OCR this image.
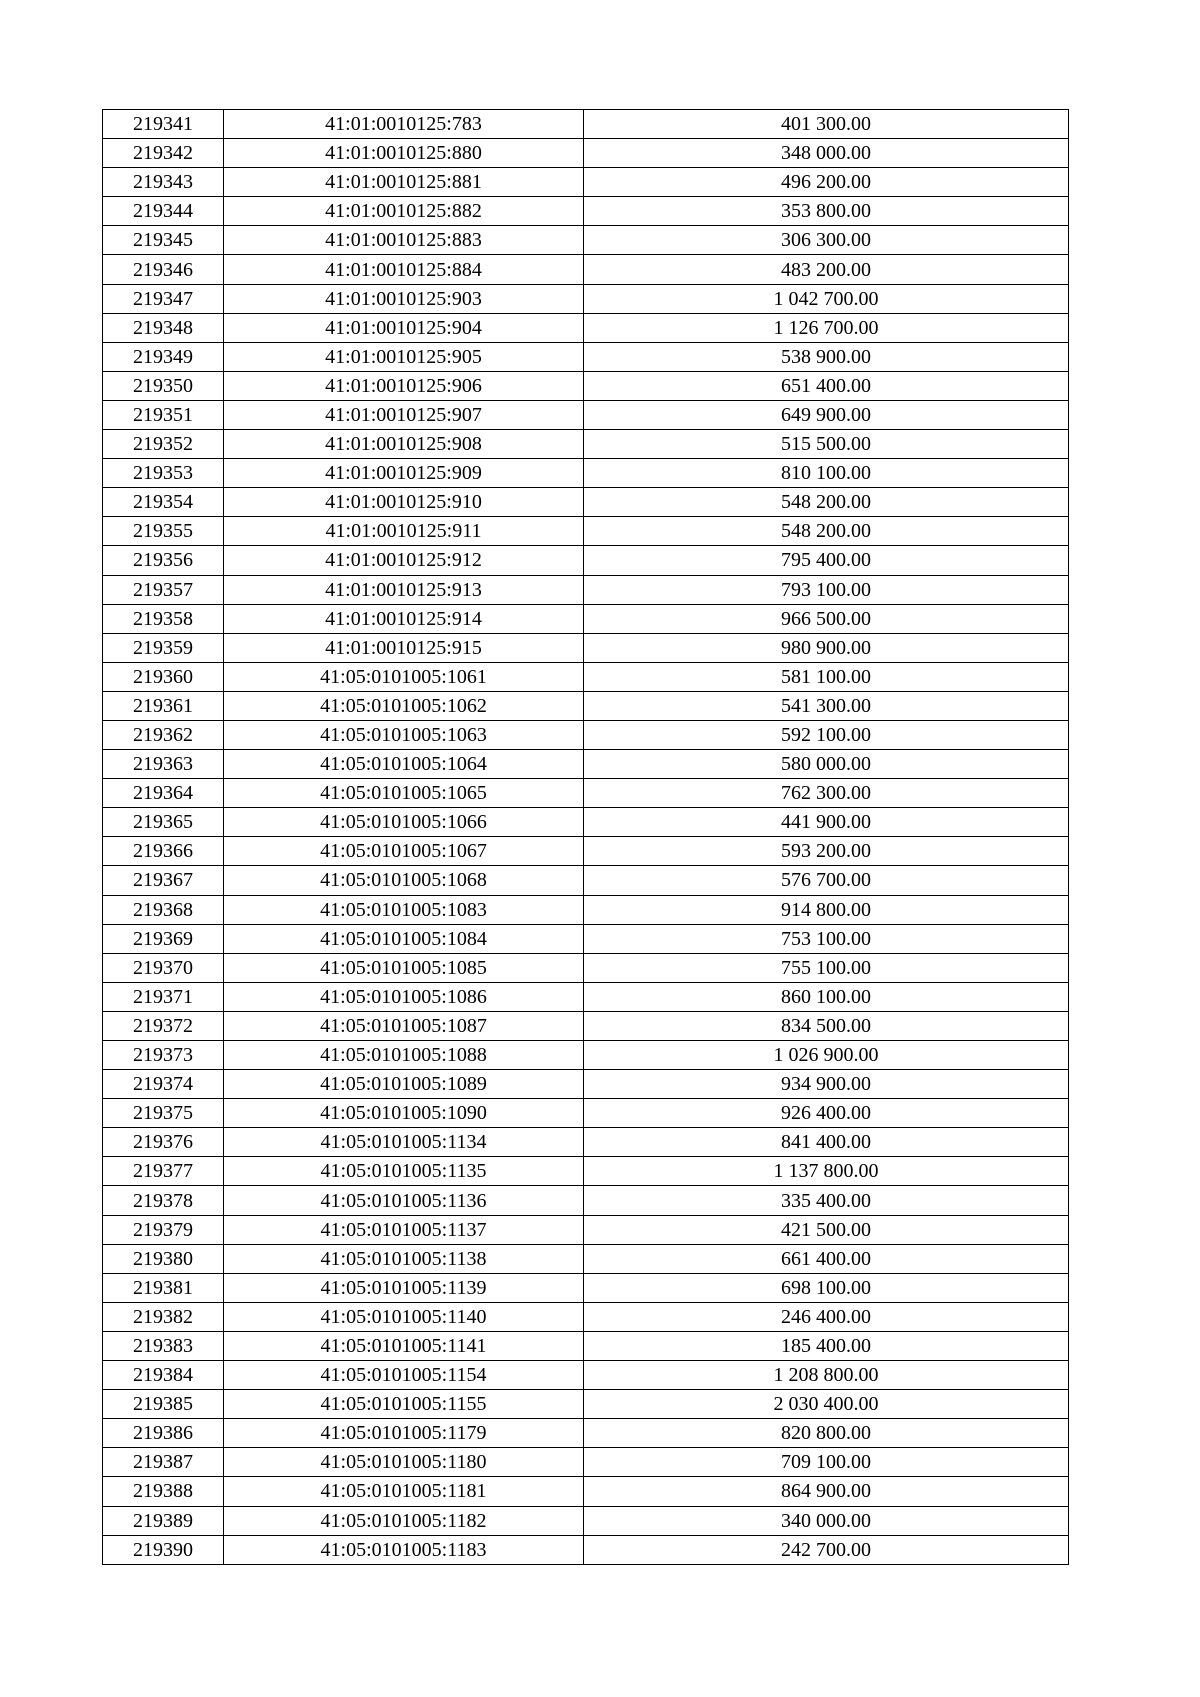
219341	41:01:0010125:783	401 300.00
219342	41:01:0010125:880	348 000.00
219343	41:01:0010125:881	496 200.00
219344	41:01:0010125:882	353 800.00
219345	41:01:0010125:883	306 300.00
219346	41:01:0010125:884	483 200.00
219347	41:01:0010125:903	1 042 700.00
219348	41:01:0010125:904	1 126 700.00
219349	41:01:0010125:905	538 900.00
219350	41:01:0010125:906	651 400.00
219351	41:01:0010125:907	649 900.00
219352	41:01:0010125:908	515 500.00
219353	41:01:0010125:909	810 100.00
219354	41:01:0010125:910	548 200.00
219355	41:01:0010125:911	548 200.00
219356	41:01:0010125:912	795 400.00
219357	41:01:0010125:913	793 100.00
219358	41:01:0010125:914	966 500.00
219359	41:01:0010125:915	980 900.00
219360	41:05:0101005:1061	581 100.00
219361	41:05:0101005:1062	541 300.00
219362	41:05:0101005:1063	592 100.00
219363	41:05:0101005:1064	580 000.00
219364	41:05:0101005:1065	762 300.00
219365	41:05:0101005:1066	441 900.00
219366	41:05:0101005:1067	593 200.00
219367	41:05:0101005:1068	576 700.00
219368	41:05:0101005:1083	914 800.00
219369	41:05:0101005:1084	753 100.00
219370	41:05:0101005:1085	755 100.00
219371	41:05:0101005:1086	860 100.00
219372	41:05:0101005:1087	834 500.00
219373	41:05:0101005:1088	1 026 900.00
219374	41:05:0101005:1089	934 900.00
219375	41:05:0101005:1090	926 400.00
219376	41:05:0101005:1134	841 400.00
219377	41:05:0101005:1135	1 137 800.00
219378	41:05:0101005:1136	335 400.00
219379	41:05:0101005:1137	421 500.00
219380	41:05:0101005:1138	661 400.00
219381	41:05:0101005:1139	698 100.00
219382	41:05:0101005:1140	246 400.00
219383	41:05:0101005:1141	185 400.00
219384	41:05:0101005:1154	1 208 800.00
219385	41:05:0101005:1155	2 030 400.00
219386	41:05:0101005:1179	820 800.00
219387	41:05:0101005:1180	709 100.00
219388	41:05:0101005:1181	864 900.00
219389	41:05:0101005:1182	340 000.00
219390	41:05:0101005:1183	242 700.00
